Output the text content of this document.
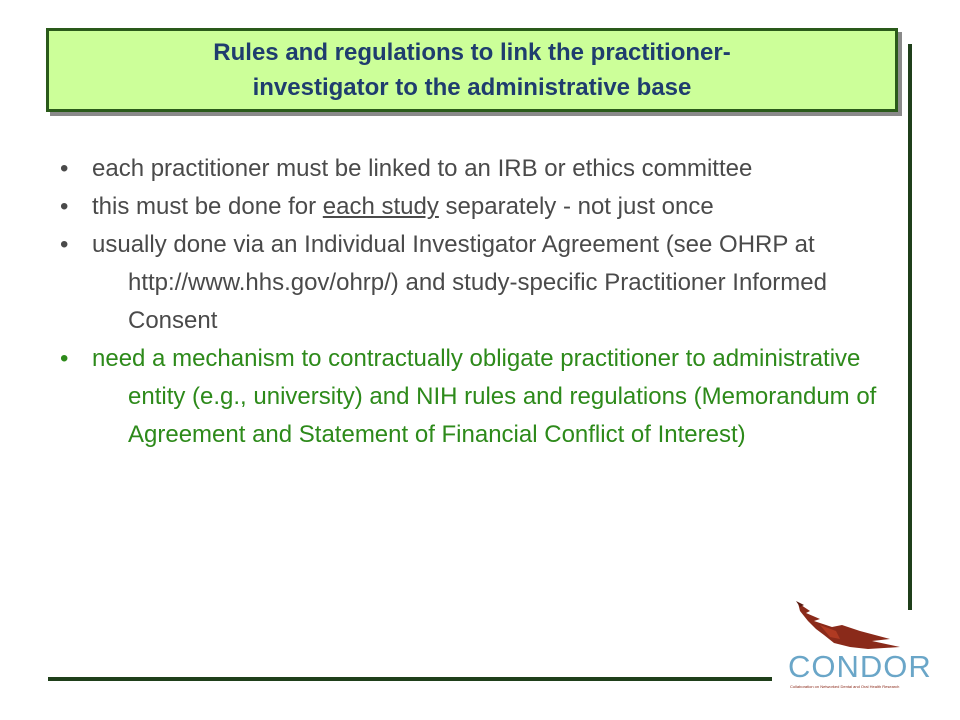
Rules and regulations to link the practitioner-
investigator to the administrative base
• each practitioner must be linked to an IRB or ethics committee
• this must be done for each study separately - not just once
• usually done via an Individual Investigator Agreement (see OHRP at http://www.hhs.gov/ohrp/) and study-specific Practitioner Informed Consent
• need a mechanism to contractually obligate practitioner to administrative entity (e.g., university) and NIH rules and regulations (Memorandum of Agreement and Statement of Financial Conflict of Interest)
CONDOR
Collaboration on Networked Dental and Oral Health Research
